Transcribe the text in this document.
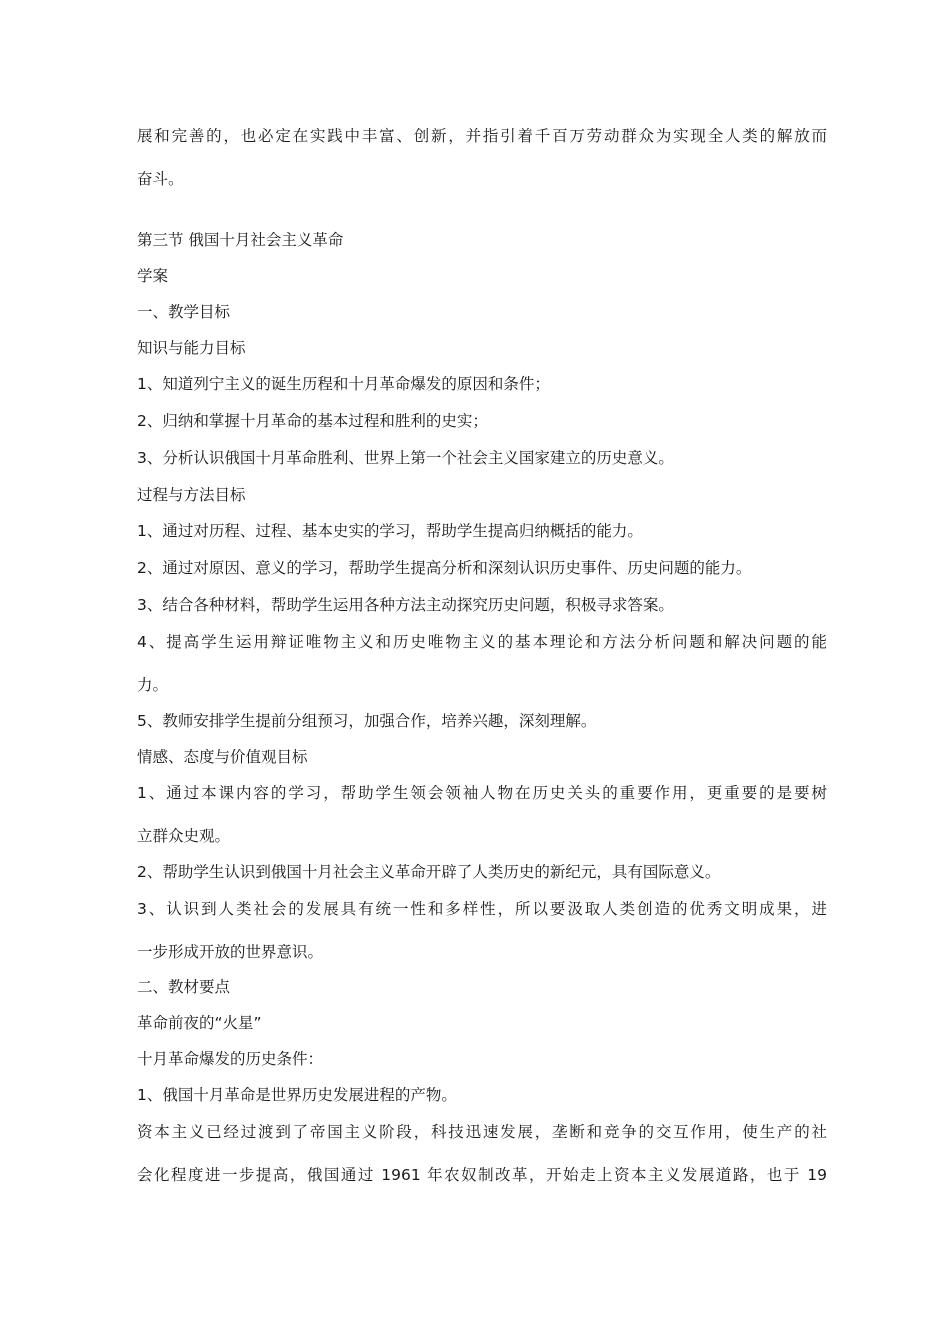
展和完善的，也必定在实践中丰富、创新，并指引着千百万劳动群众为实现全人类的解放而
奋斗。
第三节 俄国十月社会主义革命
学案
一、教学目标
知识与能力目标
1、知道列宁主义的诞生历程和十月革命爆发的原因和条件；
2、归纳和掌握十月革命的基本过程和胜利的史实；
3、分析认识俄国十月革命胜利、世界上第一个社会主义国家建立的历史意义。
过程与方法目标
1、通过对历程、过程、基本史实的学习，帮助学生提高归纳概括的能力。
2、通过对原因、意义的学习，帮助学生提高分析和深刻认识历史事件、历史问题的能力。
3、结合各种材料，帮助学生运用各种方法主动探究历史问题，积极寻求答案。
4、提高学生运用辩证唯物主义和历史唯物主义的基本理论和方法分析问题和解决问题的能
力。
5、教师安排学生提前分组预习，加强合作，培养兴趣，深刻理解。
情感、态度与价值观目标
1、通过本课内容的学习，帮助学生领会领袖人物在历史关头的重要作用，更重要的是要树
立群众史观。
2、帮助学生认识到俄国十月社会主义革命开辟了人类历史的新纪元，具有国际意义。
3、认识到人类社会的发展具有统一性和多样性，所以要汲取人类创造的优秀文明成果，进
一步形成开放的世界意识。
二、教材要点
革命前夜的“火星”
十月革命爆发的历史条件：
1、俄国十月革命是世界历史发展进程的产物。
资本主义已经过渡到了帝国主义阶段，科技迅速发展，垄断和竞争的交互作用，使生产的社
会化程度进一步提高，俄国通过 1961 年农奴制改革，开始走上资本主义发展道路，也于 19
